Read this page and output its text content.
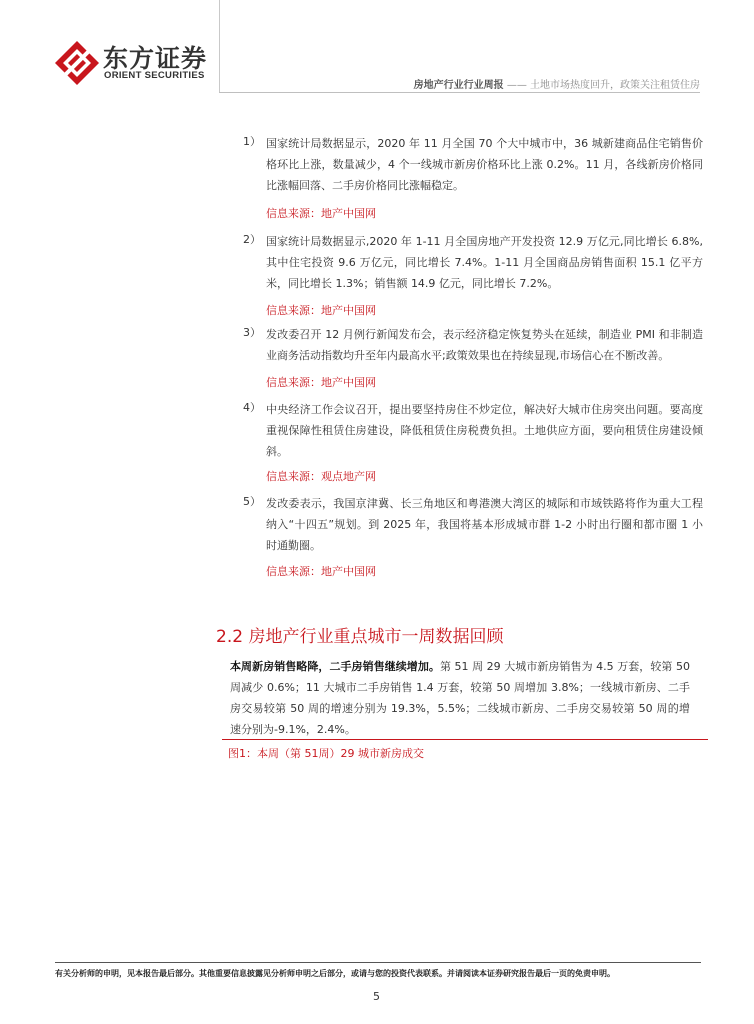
东方证券
ORIENT SECURITIES
房地产行业行业周报 —— 土地市场热度回升，政策关注租赁住房
1） 国家统计局数据显示，2020 年 11 月全国 70 个大中城市中，36 城新建商品住宅销售价格环比上涨，数量减少，4 个一线城市新房价格环比上涨 0.2%。11 月，各线新房价格同比涨幅回落、二手房价格同比涨幅稳定。
信息来源：地产中国网
2） 国家统计局数据显示,2020 年 1-11 月全国房地产开发投资 12.9 万亿元,同比增长 6.8%,其中住宅投资 9.6 万亿元，同比增长 7.4%。1-11 月全国商品房销售面积 15.1 亿平方米，同比增长 1.3%；销售额 14.9 亿元，同比增长 7.2%。
信息来源：地产中国网
3） 发改委召开 12 月例行新闻发布会，表示经济稳定恢复势头在延续，制造业 PMI 和非制造业商务活动指数均升至年内最高水平;政策效果也在持续显现,市场信心在不断改善。
信息来源：地产中国网
4） 中央经济工作会议召开，提出要坚持房住不炒定位，解决好大城市住房突出问题。要高度重视保障性租赁住房建设，降低租赁住房税费负担。土地供应方面，要向租赁住房建设倾斜。
信息来源：观点地产网
5） 发改委表示，我国京津冀、长三角地区和粤港澳大湾区的城际和市域铁路将作为重大工程纳入“十四五”规划。到 2025 年，我国将基本形成城市群 1-2 小时出行圈和都市圈 1 小时通勤圈。
信息来源：地产中国网
2.2 房地产行业重点城市一周数据回顾
本周新房销售略降，二手房销售继续增加。第 51 周 29 大城市新房销售为 4.5 万套，较第 50 周减少 0.6%；11 大城市二手房销售 1.4 万套，较第 50 周增加 3.8%；一线城市新房、二手房交易较第 50 周的增速分别为 19.3%，5.5%；二线城市新房、二手房交易较第 50 周的增速分别为-9.1%，2.4%。
图1：本周（第 51周）29 城市新房成交
有关分析师的申明，见本报告最后部分。其他重要信息披露见分析师申明之后部分，或请与您的投资代表联系。并请阅读本证券研究报告最后一页的免责申明。
5
